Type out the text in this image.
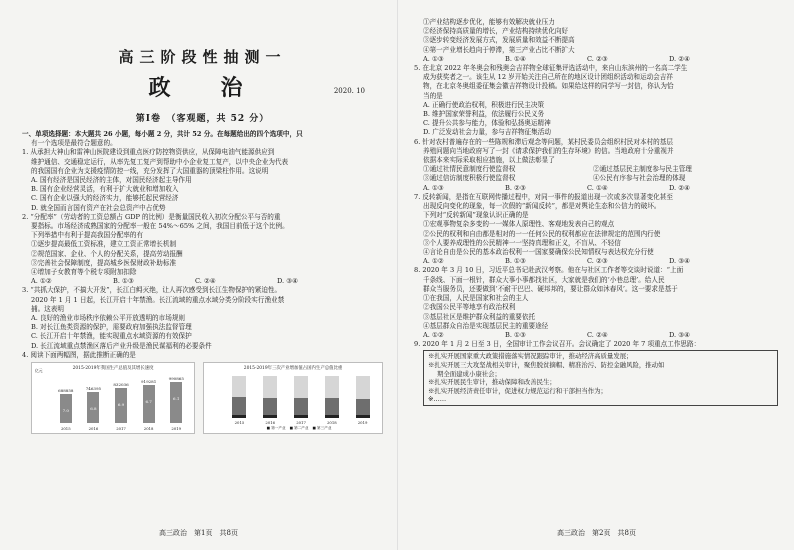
高三阶段性抽测一
政　治	2020. 10
第Ⅰ卷　（客观题，共 52 分）

一、单项选择题：本大题共 26 小题，每小题 2 分，共计 52 分。在每题给出的四个选项中，只

有一个选项是最符合题意的。

1. 从承担大神山和雷神山医院建设到重点医疗防控物资供应，从保障电油气能源供应到

维护通信、交通稳定运行，从率先复工复产到帮助中小企业复工复产，以中央企业为代表

的我国国有企业为支援疫情防控一线，充分发挥了大国重器的顶梁柱作用。这说明

A. 国有经济是国民经济的主体，对国民经济起主导作用

B. 国有企业经营灵活，有利于扩大就业和增加收入

C. 国有企业以强大的经济实力，能够托起民营经济

D. 就全国而言国有资产在社会总资产中占优势

2. “分配率”（劳动者的工资总额占 GDP 的比例）是衡量国民收入初次分配公平与否的重

要指标。市场经济成熟国家的分配率一般在 54%～65% 之间，我国目前低于这个比例。

下列举措中有利于提高我国分配率的有

①逐步提高最低工资标准，建立工资正常增长机制

②规范国家、企业、个人的分配关系，提高劳动报酬

③完善社会保障制度，提高城乡医保财政补助标准

④增加子女教育等个税专项附加扣除

A. ①②	B. ①③	C. ②④	D. ③④

3. “共抓大保护，不搞大开发”，长江白鲟灭绝，让人再次感受到长江生物保护的紧迫性。

2020 年 1 月 1 日起，长江开启十年禁渔。长江流域的重点水域分类分阶段实行渔业禁

捕。这表明

A. 良好的渔业市场秩序依赖公平开放透明的市场规则

B. 对长江鱼类资源的保护，需要政府加强执法监督管理

C. 长江开启十年禁渔，能实现重点水域资源的有效保护

D. 长江流域重点禁渔区落后产业升级是渔民谋福利的必要条件

4. 阅读下面两幅图，据此推断正确的是

2015-2019年我国生产总值及其增长速度
亿元
688858
7.0
746395
6.8
832036
6.9
919281
6.7
990865
6.1
2015	2016	2017	2018	2019
2015-2019年三次产业增加值占国内生产总值比重
2015	2016	2017	2018	2019
■ 第一产业 ■ 第二产业 ■ 第三产业
高三政治　第1页　共8页

①产业结构逐步优化，能够有效解决就业压力

②经济保持高质量的增长，产业结构持续优化向好

③逐步转变经济发展方式，发展质量和效益不断提高

④第一产业增长趋向于停滞，第三产业占比不断扩大

A. ①③	B. ①④	C. ②③	D. ②④

5. 在北京 2022 年冬奥会和残奥会吉祥物全球征集评选活动中，来自山东滨州的一名高二学生

成为获奖者之一。该生从 12 岁开始关注自己所在的地区设计团组织活动和运动会吉祥

物，在北京冬奥组委征集会徽吉祥物设计投稿。如果给这样的同学写一封信，你认为恰

当的是

A. 正确行使政治权利，积极进行民主决策

B. 维护国家荣誉利益，依法履行公民义务

C. 提升公共参与能力，体验和弘扬奥运精神

D. 广泛发动社会力量，参与吉祥物征集活动

6. 针对农村普遍存在的一些陈规和滞后观念等问题，某村民委员会组织村民对本村的基层

养殖问题向当地政府写了一封《请求保护我们的生存环境》的信。当地政府十分重视并

依据本来实际采取相应措施，以上做法彰显了

①通过社情民意制度行使监督权	②通过基层民主制度参与民主管理
③通过信访制度积极行使监督权	④公民有序参与社会治理的体现
A. ①③	B. ②③	C. ①④	D. ②④

7. 反转新闻，是指在互联网传播过程中，对同一事件的报道出现一次或多次显著变化甚至

出现反向变化的现象，每一次假的“新闻反转”，都是对舆论生态和公信力的破坏。

下列对“反转新闻”现象认识正确的是

①宏观事物复杂多变的一一媒体人原理性、客观地发表自己的观点

②公民的权利和自由都是相对的一一任何公民的权利都应在法律规定的范围内行使

③个人要养成理性的公民精神一一坚持真理和正义，不盲从、不轻信

④言论自由是公民的基本政治权利一一国家要确保公民知情权与表达权充分行使

A. ①②	B. ①③	C. ②③	D. ③④

8. 2020 年 3 月 10 日，习近平总书记赴武汉考察。他在与社区工作者等交谈时说道：“上面

千条线、下面一根针，群众大事小事都找社区，大家就是我们的‘小巷总理’。给人民

群众当服务员，还要做到‘不耐干巴巴、硬邦邦的，要让群众如沐春风’。这一要求是基于

①在我国，人民是国家和社会的主人

②我国公民平等地享有政治权利

③基层社区是维护群众利益的重要依托

④基层群众自治是实现基层民主的重要途径

A. ①②	B. ①③	C. ②④	D. ③④

9. 2020 年 1 月 2 日至 3 日，全国审计工作会议召开。会议确定了 2020 年 7 项重点工作思路：

※扎实开展国家重大政策措施落实情况跟踪审计，推动经济高质量发展；

※扎实开展三大攻坚战相关审计，聚焦脱贫摘帽、精准治污、防控金融风险，推动如

期全面建成小康社会；

※扎实开展民生审计，推动保障和改善民生；

※扎实开展经济责任审计，促进权力规范运行和干部担当作为；

※……

高三政治　第2页　共8页
